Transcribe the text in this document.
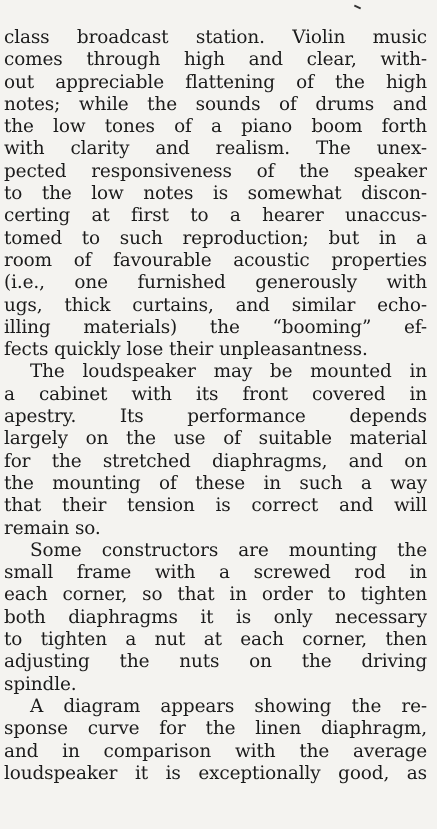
class broadcast station. Violin music
comes through high and clear, with-
out appreciable flattening of the high
notes; while the sounds of drums and
the low tones of a piano boom forth
with clarity and realism. The unex-
pected responsiveness of the speaker
to the low notes is somewhat discon-
certing at first to a hearer unaccus-
tomed to such reproduction; but in a
room of favourable acoustic properties
(i.e., one furnished generously with
ugs, thick curtains, and similar echo-
illing materials) the “booming” ef-
fects quickly lose their unpleasantness.
The loudspeaker may be mounted in
a cabinet with its front covered in
apestry. Its performance depends
largely on the use of suitable material
for the stretched diaphragms, and on
the mounting of these in such a way
that their tension is correct and will
remain so.
Some constructors are mounting the
small frame with a screwed rod in
each corner, so that in order to tighten
both diaphragms it is only necessary
to tighten a nut at each corner, then
adjusting the nuts on the driving
spindle.
A diagram appears showing the re-
sponse curve for the linen diaphragm,
and in comparison with the average
loudspeaker it is exceptionally good, as
